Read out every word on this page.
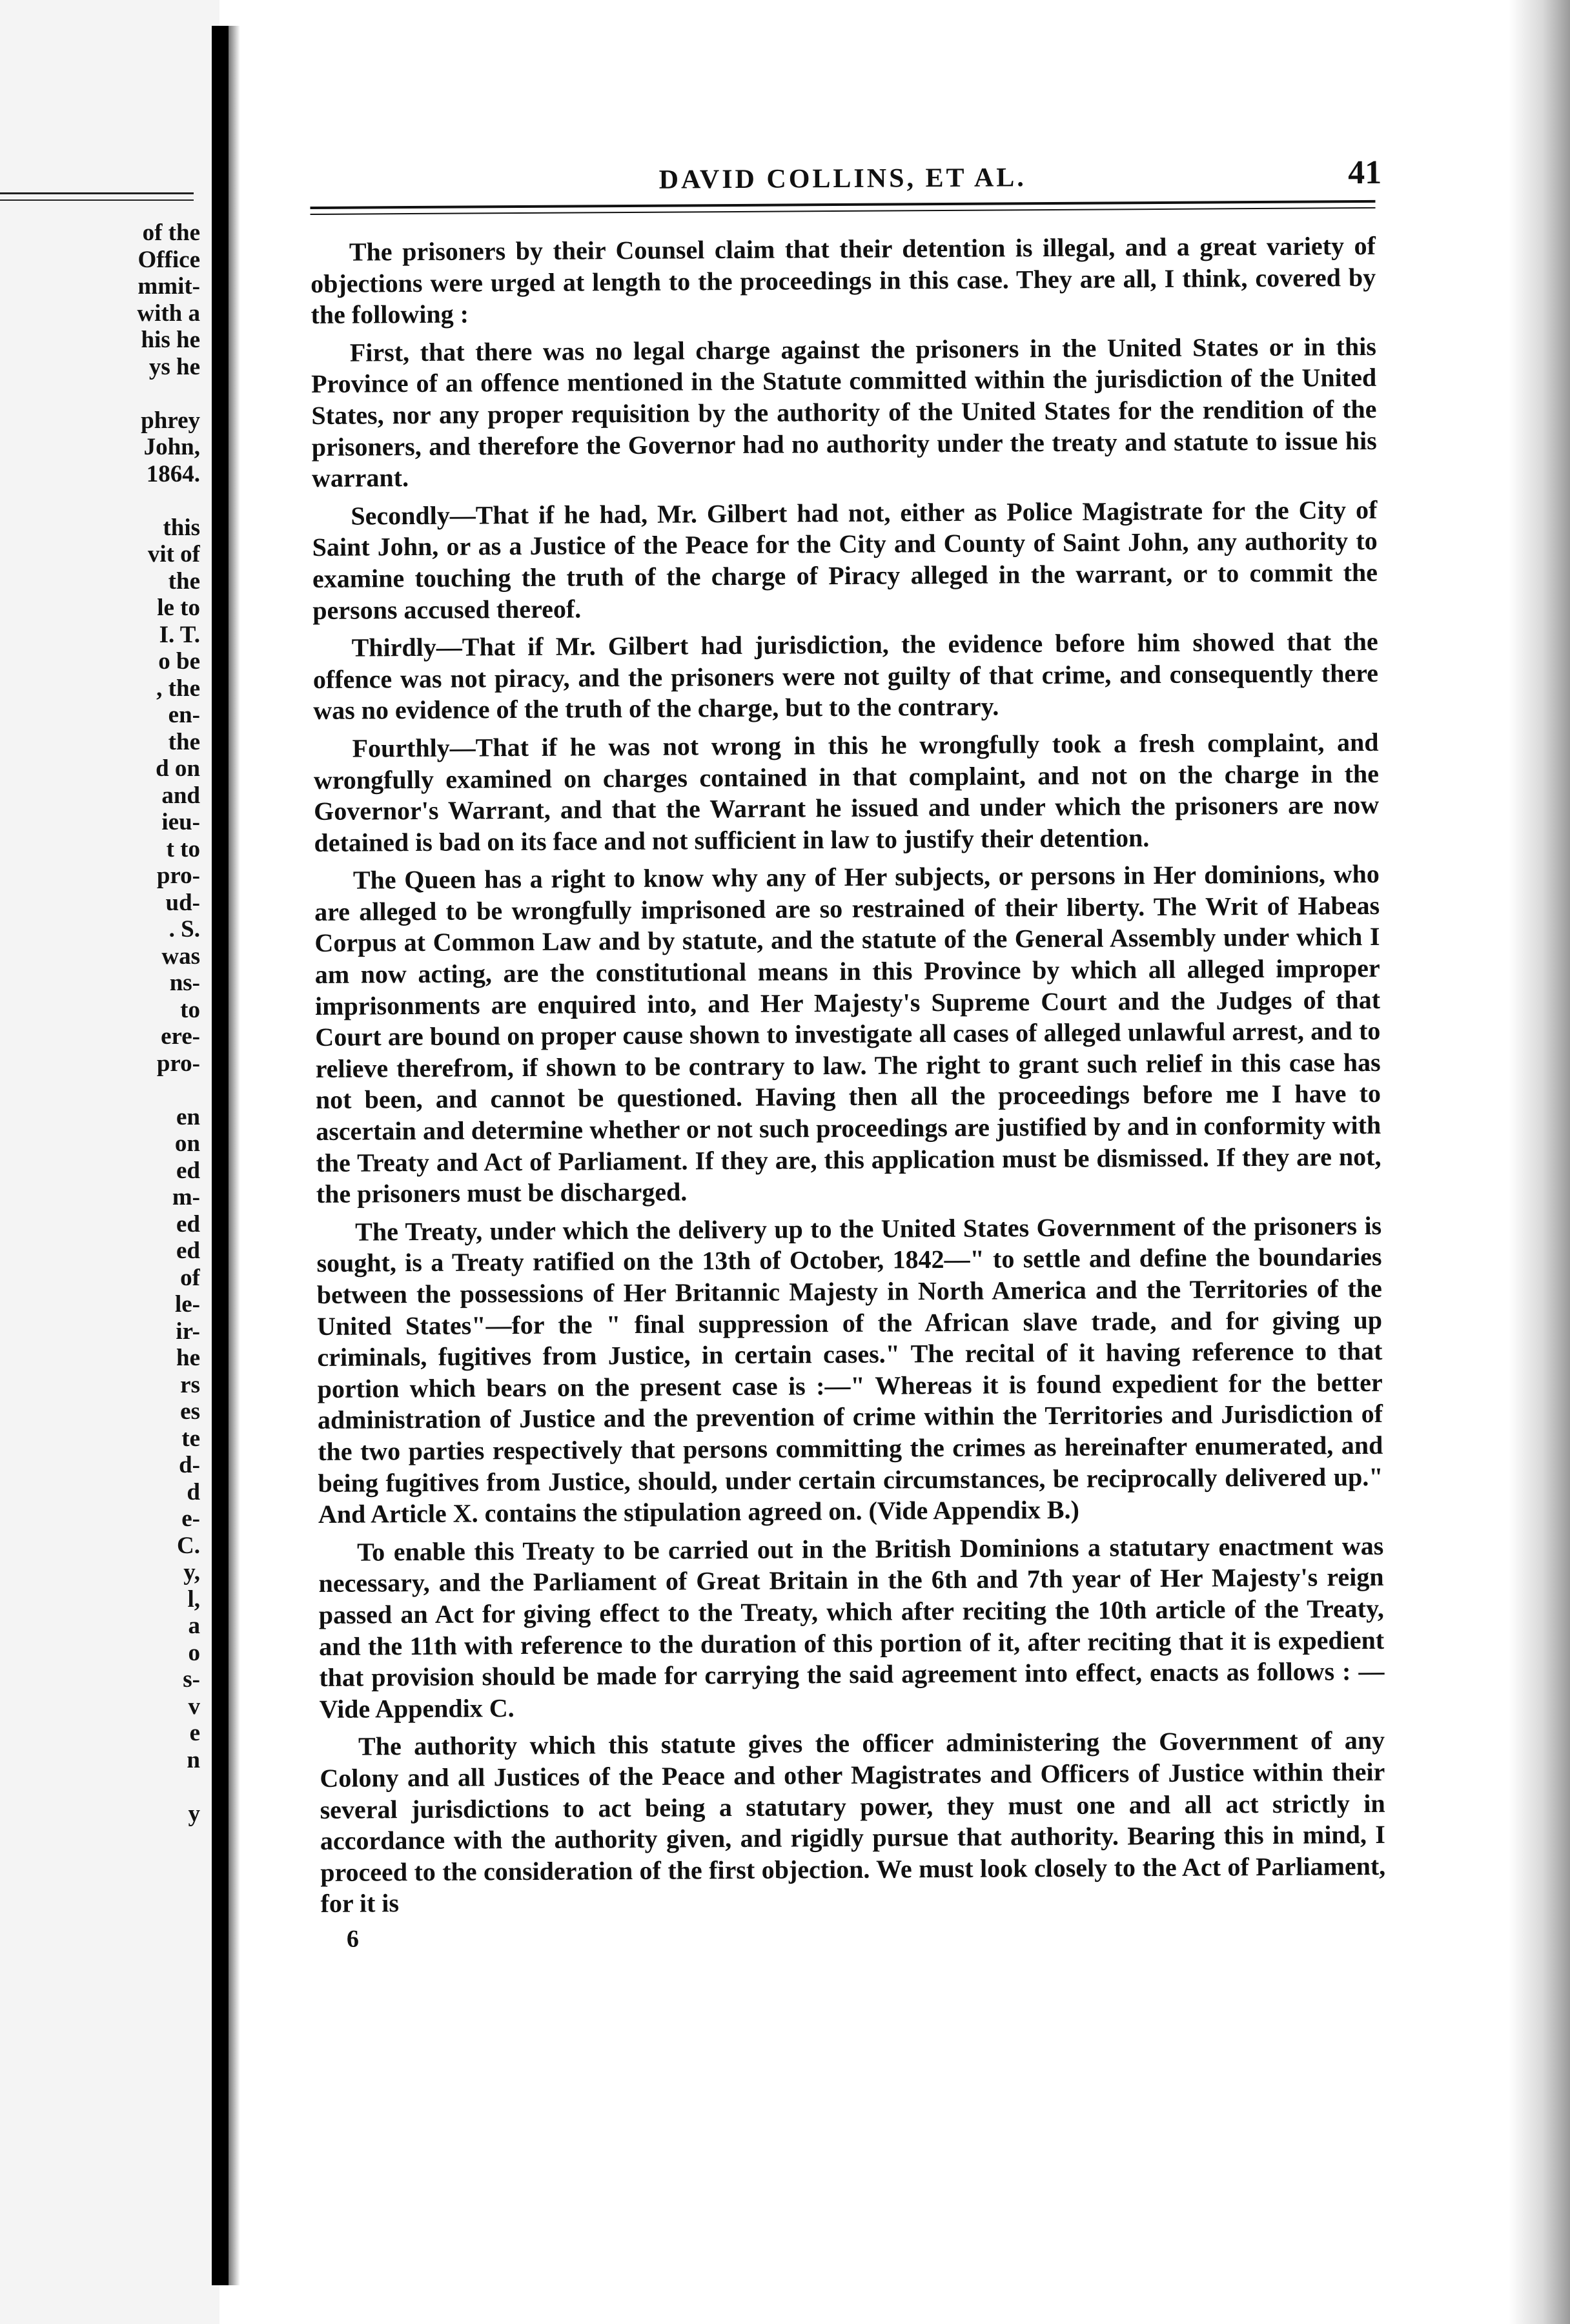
of the
Office
mmit-
with a
his he
ys he

phrey
John,
1864.

this
vit of
the
le to
I. T.
o be
, the
en-
the
d on
and
ieu-
t to
pro-
ud-
. S.
was
ns-
to
ere-
pro-

en
on
ed
m-
ed
ed
of
le-
ir-
he
rs
es
te
d-
d
e-
C.
y,
l,
a
o
s-
v
e
n

y
DAVID COLLINS, ET AL.	41

The prisoners by their Counsel claim that their detention is illegal, and a great variety of objections were urged at length to the proceedings in this case. They are all, I think, covered by the following :

First, that there was no legal charge against the prisoners in the United States or in this Province of an offence mentioned in the Statute committed within the jurisdiction of the United States, nor any proper requisition by the authority of the United States for the rendition of the prisoners, and therefore the Governor had no authority under the treaty and statute to issue his warrant.

Secondly—That if he had, Mr. Gilbert had not, either as Police Magistrate for the City of Saint John, or as a Justice of the Peace for the City and County of Saint John, any authority to examine touching the truth of the charge of Piracy alleged in the warrant, or to commit the persons accused thereof.

Thirdly—That if Mr. Gilbert had jurisdiction, the evidence before him showed that the offence was not piracy, and the prisoners were not guilty of that crime, and consequently there was no evidence of the truth of the charge, but to the contrary.

Fourthly—That if he was not wrong in this he wrongfully took a fresh complaint, and wrongfully examined on charges contained in that complaint, and not on the charge in the Governor's Warrant, and that the Warrant he issued and under which the prisoners are now detained is bad on its face and not sufficient in law to justify their detention.

The Queen has a right to know why any of Her subjects, or persons in Her dominions, who are alleged to be wrongfully imprisoned are so restrained of their liberty. The Writ of Habeas Corpus at Common Law and by statute, and the statute of the General Assembly under which I am now acting, are the constitutional means in this Province by which all alleged improper imprisonments are enquired into, and Her Majesty's Supreme Court and the Judges of that Court are bound on proper cause shown to investigate all cases of alleged unlawful arrest, and to relieve therefrom, if shown to be contrary to law. The right to grant such relief in this case has not been, and cannot be questioned. Having then all the proceedings before me I have to ascertain and determine whether or not such proceedings are justified by and in conformity with the Treaty and Act of Parliament. If they are, this application must be dismissed. If they are not, the prisoners must be discharged.

The Treaty, under which the delivery up to the United States Government of the prisoners is sought, is a Treaty ratified on the 13th of October, 1842—" to settle and define the boundaries between the possessions of Her Britannic Majesty in North America and the Territories of the United States"—for the " final suppression of the African slave trade, and for giving up criminals, fugitives from Justice, in certain cases." The recital of it having reference to that portion which bears on the present case is :—" Whereas it is found expedient for the better administration of Justice and the prevention of crime within the Territories and Jurisdiction of the two parties respectively that persons committing the crimes as hereinafter enumerated, and being fugitives from Justice, should, under certain circumstances, be reciprocally delivered up." And Article X. contains the stipulation agreed on. (Vide Appendix B.)

To enable this Treaty to be carried out in the British Dominions a statutary enactment was necessary, and the Parliament of Great Britain in the 6th and 7th year of Her Majesty's reign passed an Act for giving effect to the Treaty, which after reciting the 10th article of the Treaty, and the 11th with reference to the duration of this portion of it, after reciting that it is expedient that provision should be made for carrying the said agreement into effect, enacts as follows : —Vide Appendix C.

The authority which this statute gives the officer administering the Government of any Colony and all Justices of the Peace and other Magistrates and Officers of Justice within their several jurisdictions to act being a statutary power, they must one and all act strictly in accordance with the authority given, and rigidly pursue that authority. Bearing this in mind, I proceed to the consideration of the first objection. We must look closely to the Act of Parliament, for it is

6
